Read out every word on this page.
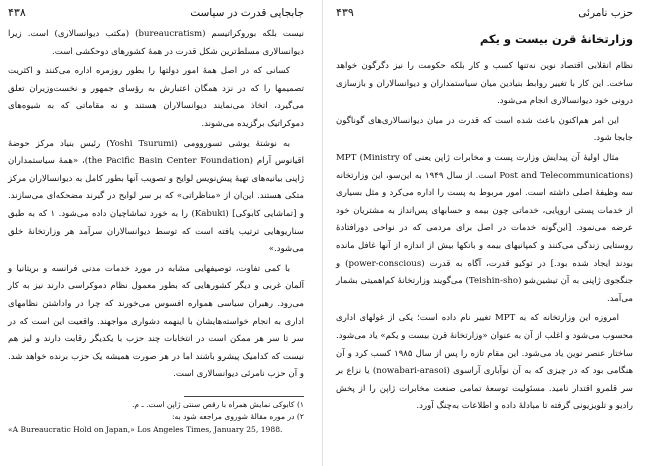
جابجایی قدرت در سیاست
۴۳۸

نیست بلکه بوروکراتیسم (bureaucratism) (مکتب دیوانسالاری) است. زیرا دیوانسالاری مسلط‌ترین شکل قدرت در همهٔ کشورهای دوحکشی است.

کسانی که در اصل همهٔ امور دولتها را بطور روزمره اداره می‌کنند و اکثریت تصمیمها را که در نزد همگان اعتبارش به رؤسای جمهور و نخست‌وزیران تعلق می‌گیرد، اتخاذ می‌نمایند دیوانسالاران هستند و نه مقاماتی که به شیوه‌های دموکراتیک برگزیده می‌شوند.

به نوشتهٔ یوشی تسوروومی (Yoshi Tsurumi) رئیس بنیاد مرکز حوضهٔ اقیانوس آرام (the Pacific Basin Center Foundation)، «همهٔ سیاستمداران ژاپنی بیانیه‌های تهیهٔ پیش‌نویس لوایح و تصویب آنها بطور کامل به دیوانسالاران مرکز متکی هستند. این‌ان از «مناظراتی» که بر سر لوایح در گیرند مضحکه‌ای می‌سازند. و [تماشایی کابوکی] (Kabuki) را به خورد تماشاچیان داده می‌شود. ۱ که به طبق سناریوهایی ترتیب یافته است که توسط دیوانسالاران سرآمد هر وزارتخانهٔ خلق می‌شود.»

با کمی تفاوت، توصیفهایی مشابه در مورد خدمات مدنی فرانسه و بریتانیا و آلمان غربی و دیگر کشورهایی که بطور معمول نظام دموکراسی دارند نیز به کار می‌رود. رهبران سیاسی همواره افسوس می‌خورند که چرا در واداشتن نظامهای اداری به انجام خواسته‌هایشان با اینهمه دشواری مواجهند. واقعیت این است که در سر تا سر هر ممکن است در انتخابات چند حزب با یکدیگر رقابت دارند و لیز هم نیست که کدامیک پیشرو باشند اما در هر صورت همیشه یک حزب برنده خواهد شد. و آن حزب نامرئی دیوانسالاری است.

۱) کابوکی نمایش همراه با رقص سنتی ژاپن است. ـ م.
۲) در موره مقالهٔ شوروی مراجعه شود به:
«A Bureaucratic Hold on Japan,» Los Angeles Times, January 25, 1988.
حزب نامرئی
۴۳۹
وزارتخانهٔ قرن بیست و یکم

نظام انقلابی اقتصاد نوین نه‌تنها کسب و کار بلکه حکومت را نیز دگرگون خواهد ساخت. این کار با تغییر روابط بنیادین میان سیاستمداران و دیوانسالاران و بازسازی درونی خود دیوانسالاری انجام می‌شود.

این امر هم‌اکنون باعث شده است که قدرت در میان دیوانسالاری‌های گوناگون جابجا شود.

مثال اولیهٔ آن پیدایش وزارت پست و مخابرات ژاپن یعنی MPT (Ministry of Post and Telecommunications) است. از سال ۱۹۴۹ به این‌سو، این وزارتخانه سه وظیفهٔ اصلی داشته است. امور مربوط به پست را اداره می‌کرد و مثل بسیاری از خدمات پستی اروپایی، خدماتی چون بیمه و حسابهای پس‌انداز به مشتریان خود عرضه می‌نمود. [این‌گونه خدمات در اصل برای مردمی که در نواحی دورافتادهٔ روستایی زندگی می‌کنند و کمپانیهای بیمه و بانکها بیش از اندازه از آنها غافل مانده بودند ایجاد شده بود.] در توکیو قدرت، آگاه به قدرت (power-conscious) و جنگجوی ژاپنی به آن تیشین‌شو (Teishin-sho) می‌گویند وزارتخانهٔ کم‌اهمیتی بشمار می‌آمد.

امروزه این وزارتخانه که به MPT تغییر نام داده است؛ یکی از غولهای اداری محسوب می‌شود و اغلب از آن به عنوان «وزارتخانهٔ قرن بیست و یکم» یاد می‌شود. ساختار عنصر نوین یاد می‌شود. این مقام تازه را پس از سال ۱۹۸۵ کسب کرد و آن هنگامی بود که در چیزی که به آن نوآباری آراسوی (nowabari-arasoi) یا نزاع بر سر قلمرو اقتدار نامید. مسئولیت توسعهٔ تمامی صنعت مخابرات ژاپن را از پخش رادیو و تلویزیونی گرفته تا مبادلهٔ داده و اطلاعات به‌چنگ آورد.
